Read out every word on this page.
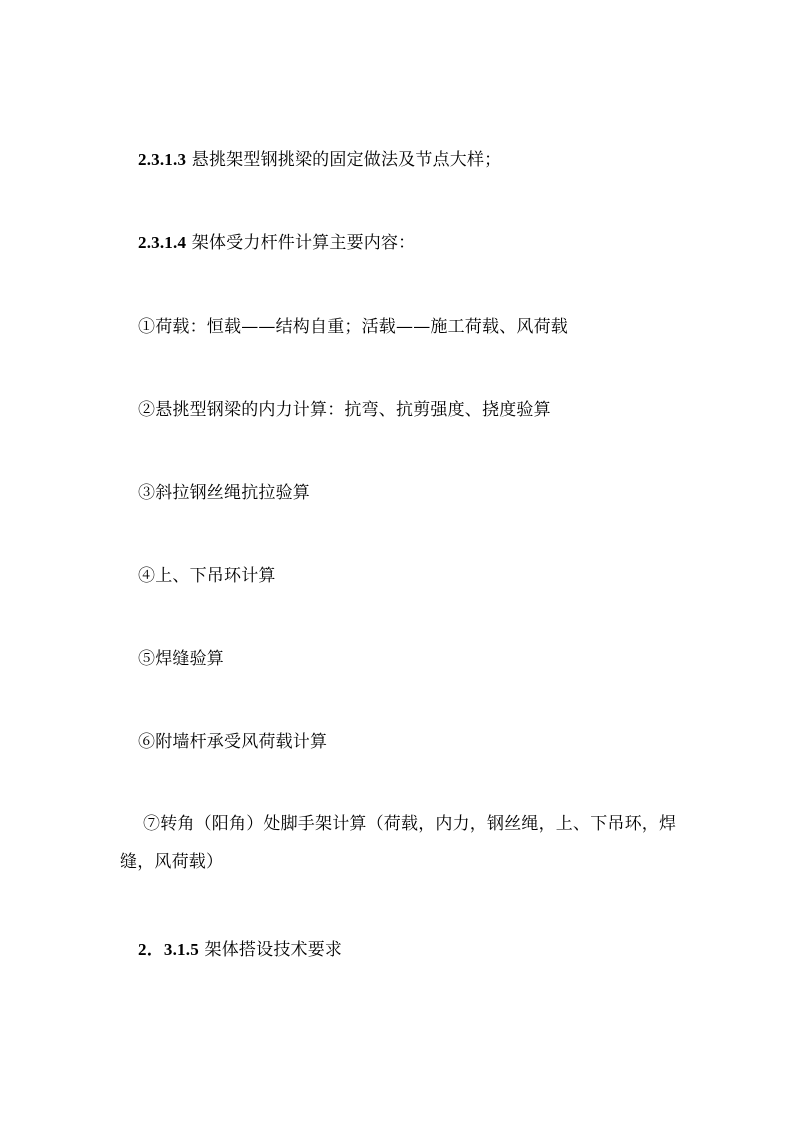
2.3.1.3 悬挑架型钢挑梁的固定做法及节点大样；
2.3.1.4 架体受力杆件计算主要内容：
①荷载：恒载——结构自重；活载——施工荷载、风荷载
②悬挑型钢梁的内力计算：抗弯、抗剪强度、挠度验算
③斜拉钢丝绳抗拉验算
④上、下吊环计算
⑤焊缝验算
⑥附墙杆承受风荷载计算
⑦转角（阳角）处脚手架计算（荷载，内力，钢丝绳，上、下吊环，焊缝，风荷载）
2．3.1.5 架体搭设技术要求
